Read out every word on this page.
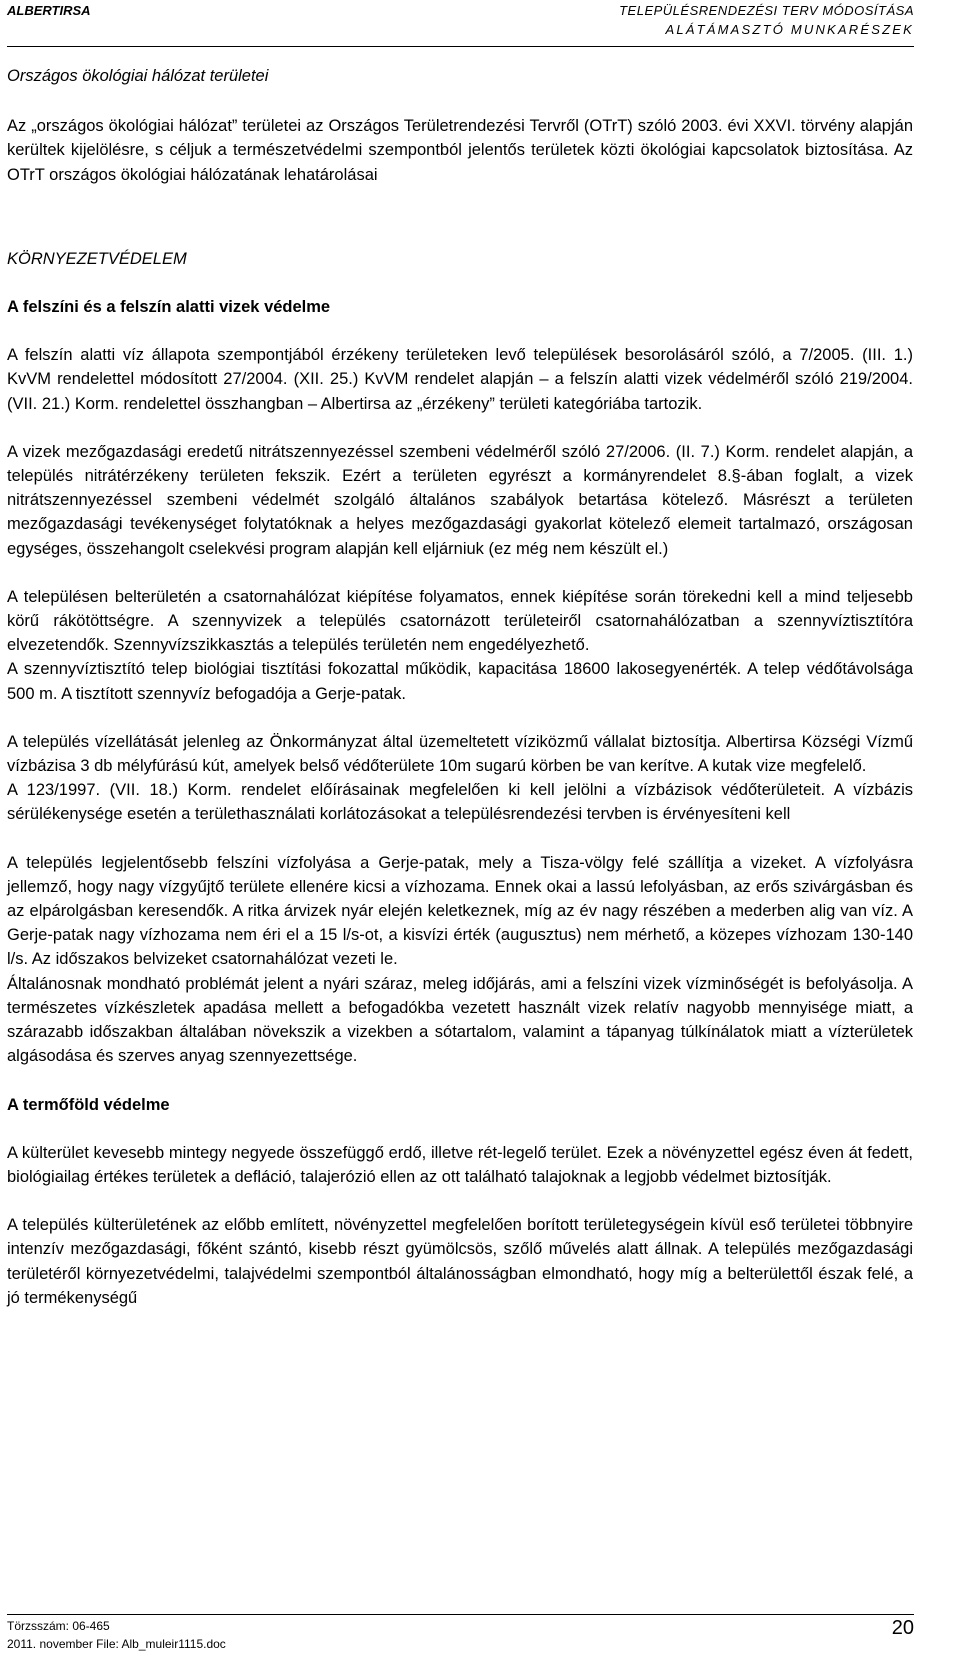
ALBERTIRSA	TELEPÜLÉSRENDEZÉSI TERV MÓDOSÍTÁSA
ALÁTÁMASZTÓ MUNKARÉSZEK

Országos ökológiai hálózat területei

Az „országos ökológiai hálózat” területei az Országos Területrendezési Tervről (OTrT) szóló 2003. évi XXVI. törvény alapján kerültek kijelölésre, s céljuk a természetvédelmi szempontból jelentős területek közti ökológiai kapcsolatok biztosítása. Az OTrT országos ökológiai hálózatának lehatárolásai

KÖRNYEZETVÉDELEM

A felszíni és a felszín alatti vizek védelme

A felszín alatti víz állapota szempontjából érzékeny területeken levő települések besorolásáról szóló, a 7/2005. (III. 1.) KvVM rendelettel módosított 27/2004. (XII. 25.) KvVM rendelet alapján – a felszín alatti vizek védelméről szóló 219/2004. (VII. 21.) Korm. rendelettel összhangban – Albertirsa az „érzékeny” területi kategóriába tartozik.

A vizek mezőgazdasági eredetű nitrátszennyezéssel szembeni védelméről szóló 27/2006. (II. 7.) Korm. rendelet alapján, a település nitrátérzékeny területen fekszik. Ezért a területen egyrészt a kormányrendelet 8.§-ában foglalt, a vizek nitrátszennyezéssel szembeni védelmét szolgáló általános szabályok betartása kötelező. Másrészt a területen mezőgazdasági tevékenységet folytatóknak a helyes mezőgazdasági gyakorlat kötelező elemeit tartalmazó, országosan egységes, összehangolt cselekvési program alapján kell eljárniuk (ez még nem készült el.)

A településen belterületén a csatornahálózat kiépítése folyamatos, ennek kiépítése során törekedni kell a mind teljesebb körű rákötöttségre. A szennyvizek a település csatornázott területeiről csatornahálózatban a szennyvíztisztítóra elvezetendők. Szennyvízszikkasztás a település területén nem engedélyezhető.

A szennyvíztisztító telep biológiai tisztítási fokozattal működik, kapacitása 18600 lakosegyenérték. A telep védőtávolsága 500 m. A tisztított szennyvíz befogadója a Gerje-patak.

A település vízellátását jelenleg az Önkormányzat által üzemeltetett víziközmű vállalat biztosítja. Albertirsa Községi Vízmű vízbázisa 3 db mélyfúrású kút, amelyek belső védőterülete 10m sugarú körben be van kerítve. A kutak vize megfelelő.

A 123/1997. (VII. 18.) Korm. rendelet előírásainak megfelelően ki kell jelölni a vízbázisok védőterületeit. A vízbázis sérülékenysége esetén a területhasználati korlátozásokat a településrendezési tervben is érvényesíteni kell

A település legjelentősebb felszíni vízfolyása a Gerje-patak, mely a Tisza-völgy felé szállítja a vizeket. A vízfolyásra jellemző, hogy nagy vízgyűjtő területe ellenére kicsi a vízhozama. Ennek okai a lassú lefolyásban, az erős szivárgásban és az elpárolgásban keresendők. A ritka árvizek nyár elején keletkeznek, míg az év nagy részében a mederben alig van víz. A Gerje-patak nagy vízhozama nem éri el a 15 l/s-ot, a kisvízi érték (augusztus) nem mérhető, a közepes vízhozam 130-140 l/s. Az időszakos belvizeket csatornahálózat vezeti le.

Általánosnak mondható problémát jelent a nyári száraz, meleg időjárás, ami a felszíni vizek vízminőségét is befolyásolja. A természetes vízkészletek apadása mellett a befogadókba vezetett használt vizek relatív nagyobb mennyisége miatt, a szárazabb időszakban általában növekszik a vizekben a sótartalom, valamint a tápanyag túlkínálatok miatt a vízterületek algásodása és szerves anyag szennyezettsége.

A termőföld védelme

A külterület kevesebb mintegy negyede összefüggő erdő, illetve rét-legelő terület. Ezek a növényzettel egész éven át fedett, biológiailag értékes területek a defláció, talajerózió ellen az ott található talajoknak a legjobb védelmet biztosítják.

A település külterületének az előbb említett, növényzettel megfelelően borított területegységein kívül eső területei többnyire intenzív mezőgazdasági, főként szántó, kisebb részt gyümölcsös, szőlő művelés alatt állnak. A település mezőgazdasági területéről környezetvédelmi, talajvédelmi szempontból általánosságban elmondható, hogy míg a belterülettől észak felé, a jó termékenységű

Törzsszám: 06-465
2011. november File: Alb_muleir1115.doc
20
